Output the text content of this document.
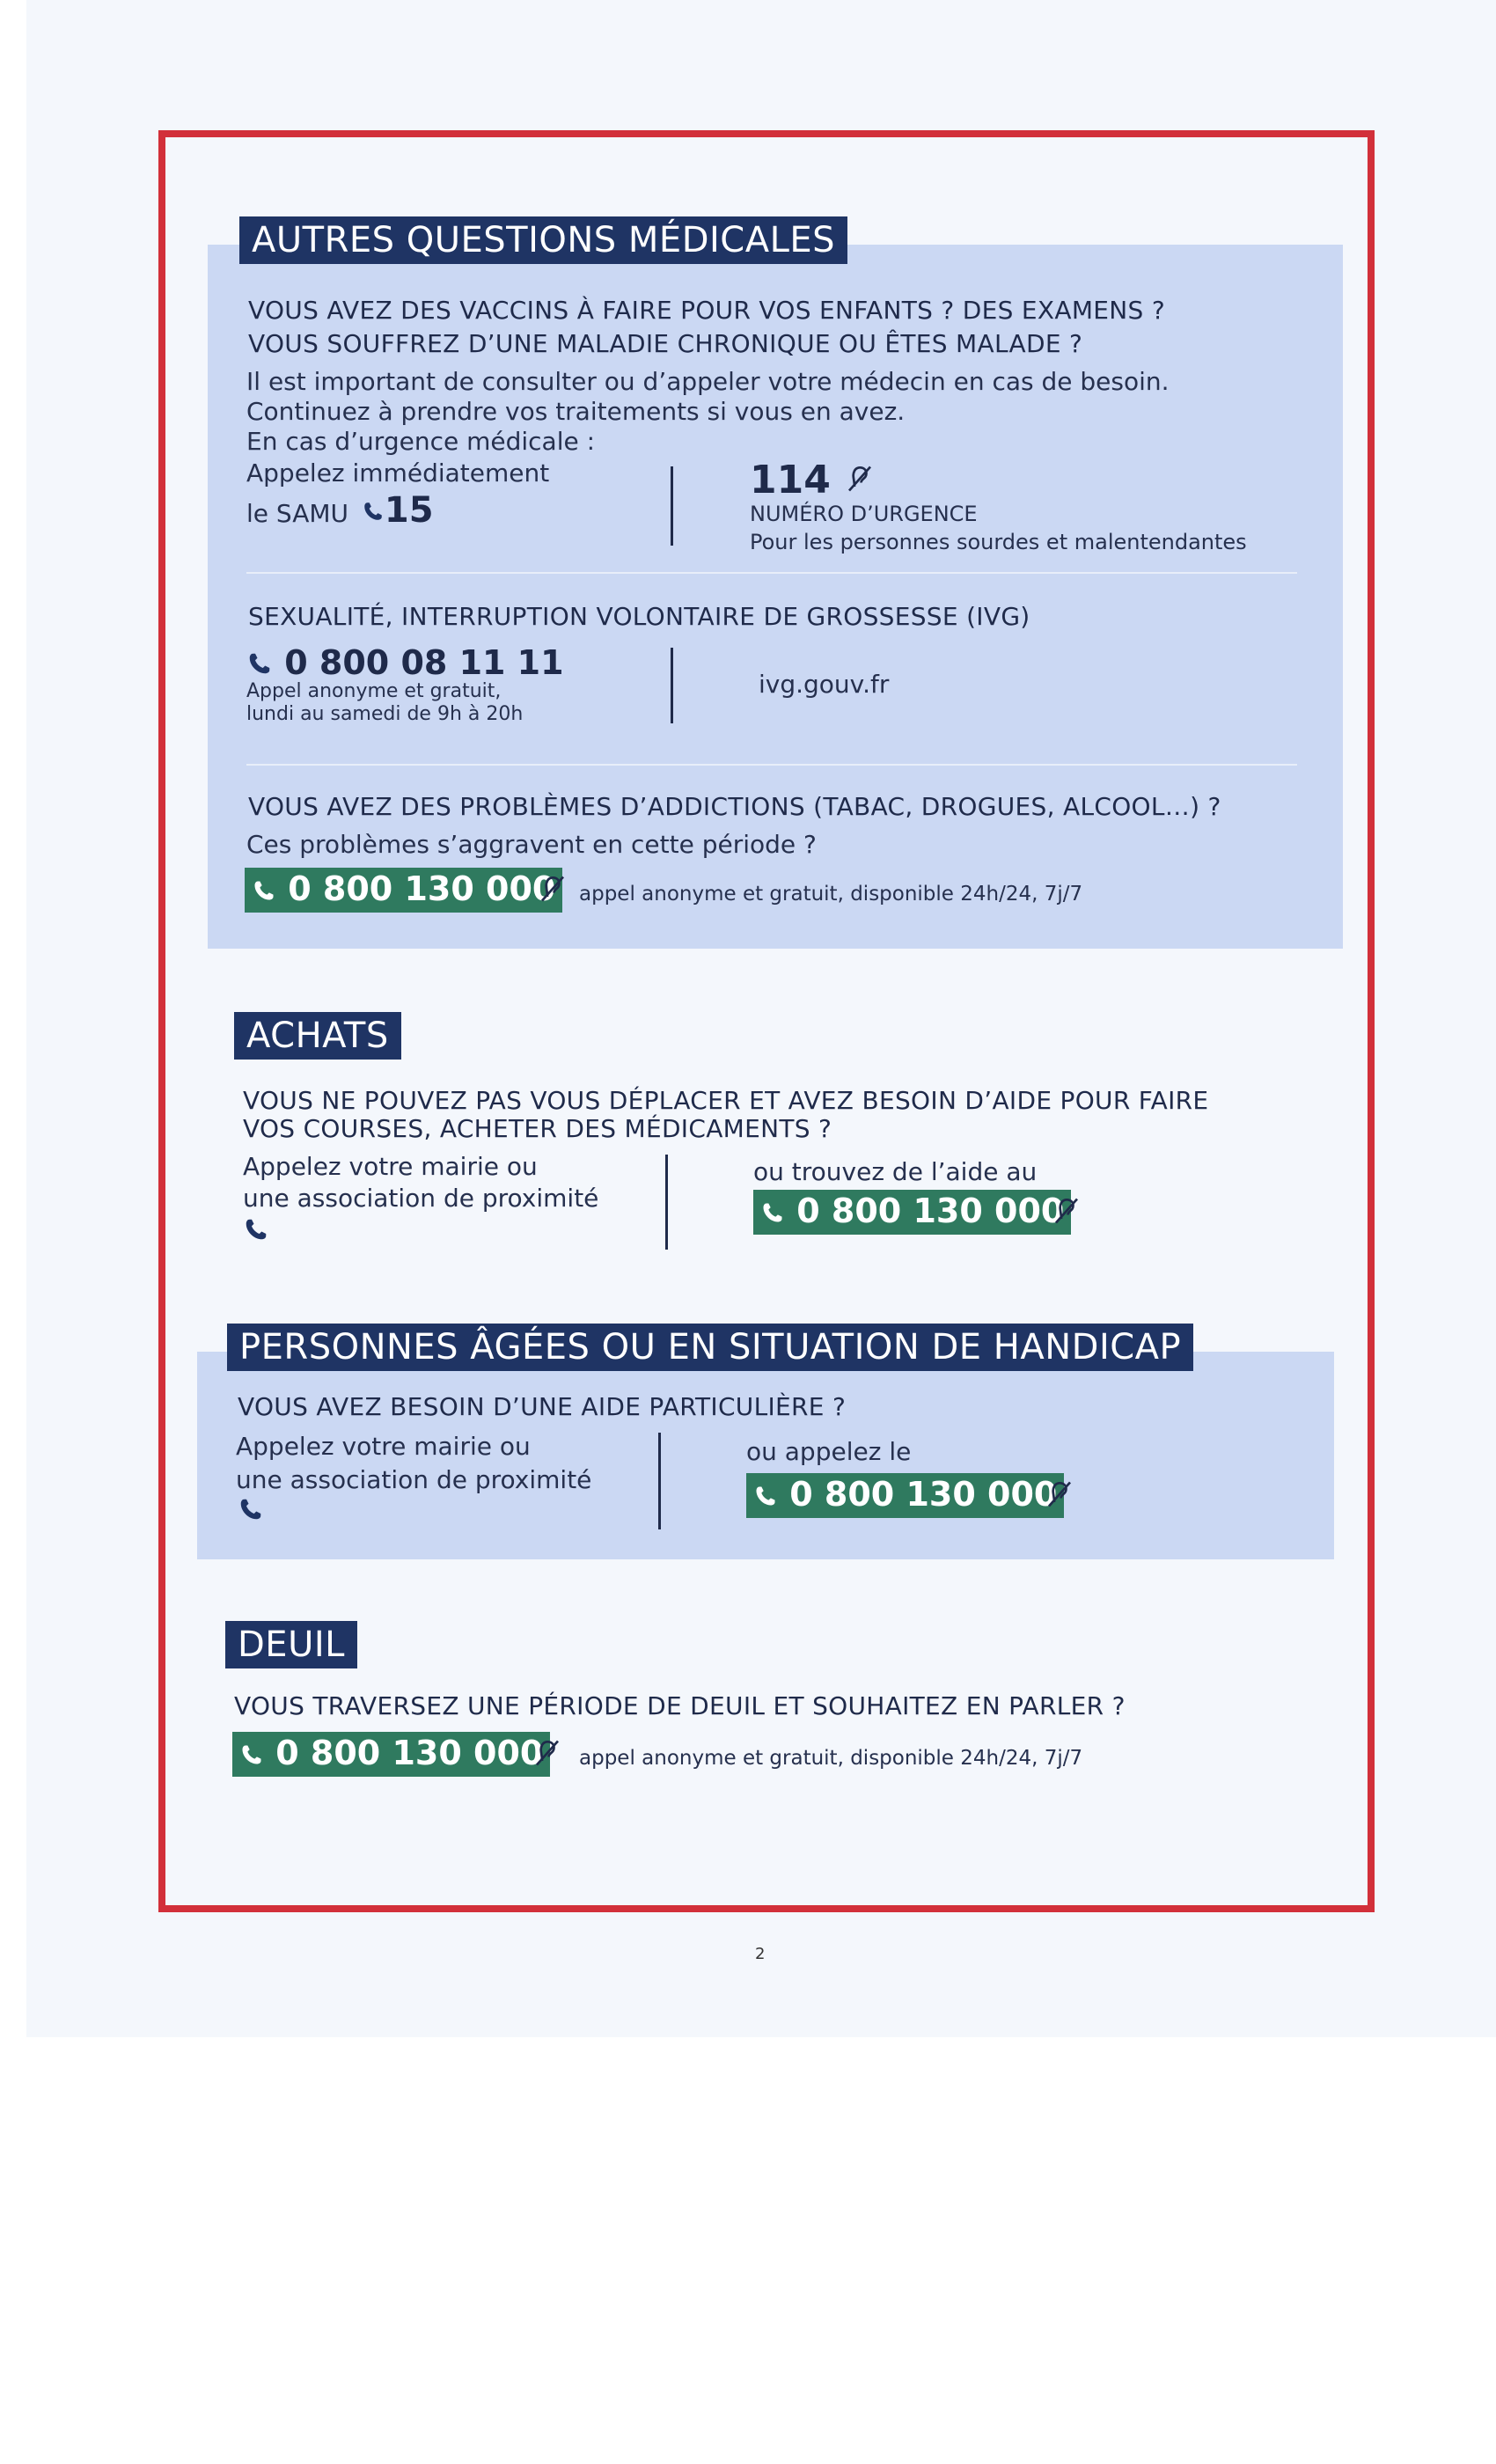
AUTRES QUESTIONS MÉDICALES
VOUS AVEZ DES VACCINS À FAIRE POUR VOS ENFANTS ? DES EXAMENS ?
VOUS SOUFFREZ D’UNE MALADIE CHRONIQUE OU ÊTES MALADE ?
Il est important de consulter ou d’appeler votre médecin en cas de besoin.
Continuez à prendre vos traitements si vous en avez.
En cas d’urgence médicale :
Appelez immédiatement
le SAMU 15
114
NUMÉRO D’URGENCE
Pour les personnes sourdes et malentendantes
SEXUALITÉ, INTERRUPTION VOLONTAIRE DE GROSSESSE (IVG)
0 800 08 11 11
Appel anonyme et gratuit,
lundi au samedi de 9h à 20h
ivg.gouv.fr
VOUS AVEZ DES PROBLÈMES D’ADDICTIONS (TABAC, DROGUES, ALCOOL…) ?
Ces problèmes s’aggravent en cette période ?
0 800 130 000	appel anonyme et gratuit, disponible 24h/24, 7j/7
ACHATS
VOUS NE POUVEZ PAS VOUS DÉPLACER ET AVEZ BESOIN D’AIDE POUR FAIRE
VOS COURSES, ACHETER DES MÉDICAMENTS ?
Appelez votre mairie ou
une association de proximité
ou trouvez de l’aide au
0 800 130 000
PERSONNES ÂGÉES OU EN SITUATION DE HANDICAP
VOUS AVEZ BESOIN D’UNE AIDE PARTICULIÈRE ?
Appelez votre mairie ou
une association de proximité
ou appelez le
0 800 130 000
DEUIL
VOUS TRAVERSEZ UNE PÉRIODE DE DEUIL ET SOUHAITEZ EN PARLER ?
0 800 130 000	appel anonyme et gratuit, disponible 24h/24, 7j/7
2
